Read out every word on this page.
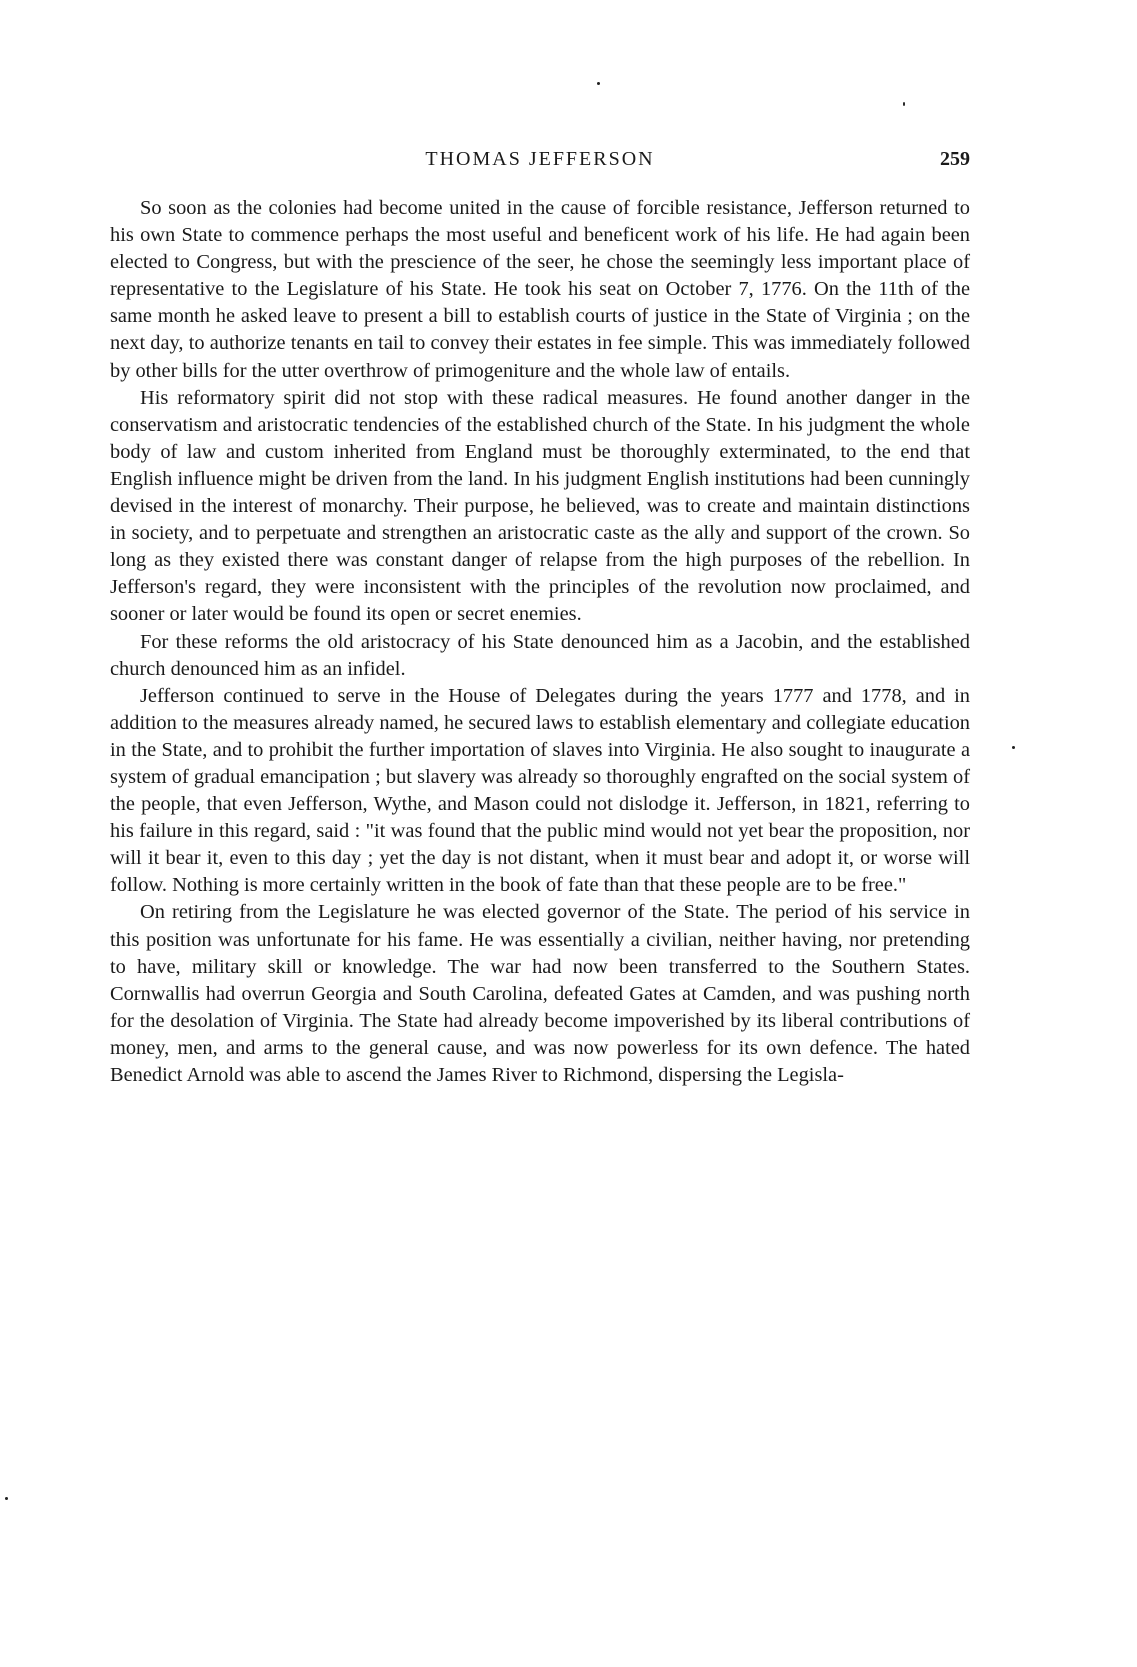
THOMAS JEFFERSON	259

So soon as the colonies had become united in the cause of forcible resistance, Jefferson returned to his own State to commence perhaps the most useful and beneficent work of his life. He had again been elected to Congress, but with the prescience of the seer, he chose the seemingly less important place of representative to the Legislature of his State. He took his seat on October 7, 1776. On the 11th of the same month he asked leave to present a bill to establish courts of justice in the State of Virginia ; on the next day, to authorize tenants en tail to convey their estates in fee simple. This was immediately followed by other bills for the utter overthrow of primogeniture and the whole law of entails.

His reformatory spirit did not stop with these radical measures. He found another danger in the conservatism and aristocratic tendencies of the established church of the State. In his judgment the whole body of law and custom inherited from England must be thoroughly exterminated, to the end that English influence might be driven from the land. In his judgment English institutions had been cunningly devised in the interest of monarchy. Their purpose, he believed, was to create and maintain distinctions in society, and to perpetuate and strengthen an aristocratic caste as the ally and support of the crown. So long as they existed there was constant danger of relapse from the high purposes of the rebellion. In Jefferson's regard, they were inconsistent with the principles of the revolution now proclaimed, and sooner or later would be found its open or secret enemies.

For these reforms the old aristocracy of his State denounced him as a Jacobin, and the established church denounced him as an infidel.

Jefferson continued to serve in the House of Delegates during the years 1777 and 1778, and in addition to the measures already named, he secured laws to establish elementary and collegiate education in the State, and to prohibit the further importation of slaves into Virginia. He also sought to inaugurate a system of gradual emancipation ; but slavery was already so thoroughly engrafted on the social system of the people, that even Jefferson, Wythe, and Mason could not dislodge it. Jefferson, in 1821, referring to his failure in this regard, said : "it was found that the public mind would not yet bear the proposition, nor will it bear it, even to this day ; yet the day is not distant, when it must bear and adopt it, or worse will follow. Nothing is more certainly written in the book of fate than that these people are to be free."

On retiring from the Legislature he was elected governor of the State. The period of his service in this position was unfortunate for his fame. He was essentially a civilian, neither having, nor pretending to have, military skill or knowledge. The war had now been transferred to the Southern States. Cornwallis had overrun Georgia and South Carolina, defeated Gates at Camden, and was pushing north for the desolation of Virginia. The State had already become impoverished by its liberal contributions of money, men, and arms to the general cause, and was now powerless for its own defence. The hated Benedict Arnold was able to ascend the James River to Richmond, dispersing the Legisla-
